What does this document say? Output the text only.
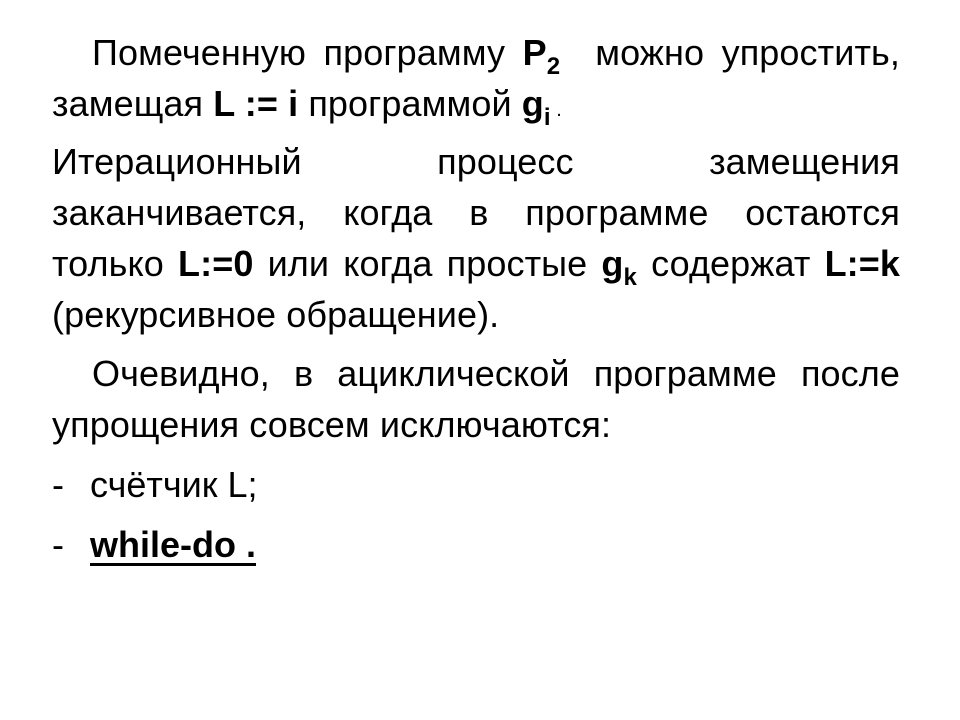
Помеченную программу $P_2$  можно упростить, замещая L := i программой $g_i$ .
Итерационный процесс замещения заканчивается, когда в программе остаются только L:=0 или когда простые $g_k$ содержат L:=k (рекурсивное обращение).

Очевидно, в ациклической программе после упрощения совсем исключаются:

- счётчик L;
- while-do .
